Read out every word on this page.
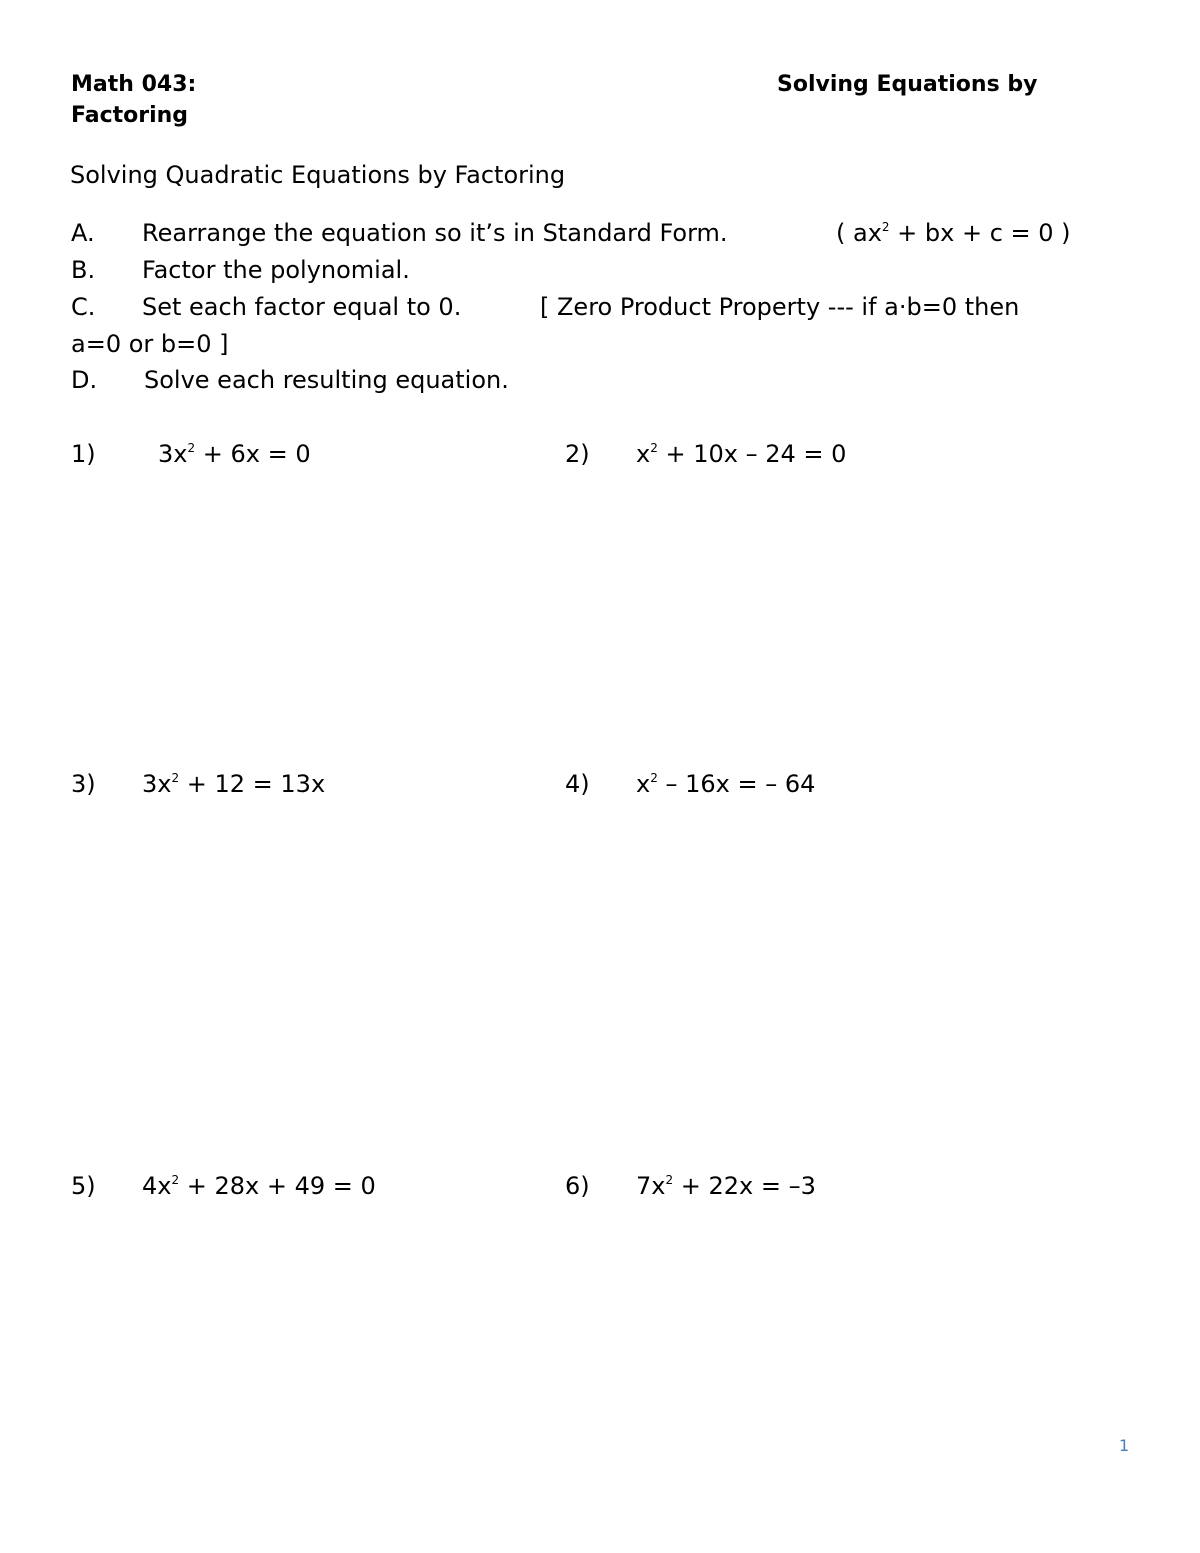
Math 043:	Solving Equations by
Factoring
Solving Quadratic Equations by Factoring
A. Rearrange the equation so it’s in Standard Form.	( $ax^2$ + bx + c = 0 )
B. Factor the polynomial.
C. Set each factor equal to 0.	[ Zero Product Property --- if a·b=0 then
a=0 or b=0 ]
D. Solve each resulting equation.
1)	$3x^2 + 6x = 0$	2) $x^2 + 10x - 24 = 0$
3) $3x^2 + 12 = 13x$	4) $x^2 - 16x$ = – 64
5) $4x^2 + 28x + 49 = 0$	6) $7x^2 + 22x = -3$
1
